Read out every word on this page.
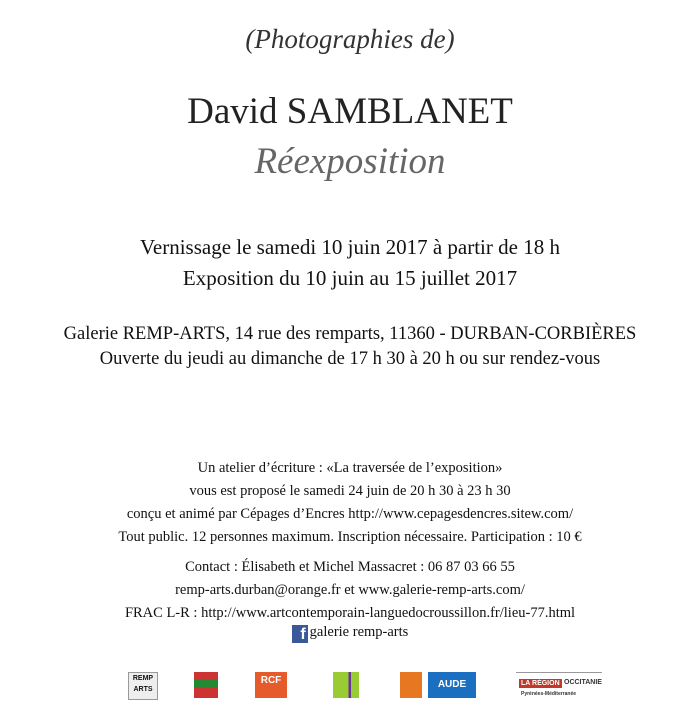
(Photographies de)
David SAMBLANET
Réexposition
Vernissage le samedi 10 juin 2017 à partir de 18 h
Exposition du 10 juin au 15 juillet 2017
Galerie REMP-ARTS, 14 rue des remparts, 11360 - DURBAN-CORBIÈRES
Ouverte du jeudi au dimanche de 17 h 30 à 20 h ou sur rendez-vous
Un atelier d’écriture : «La traversée de l’exposition»
vous est proposé le samedi 24 juin de 20 h 30 à 23 h 30
conçu et animé par Cépages d’Encres http://www.cepagesdencres.sitew.com/
Tout public. 12 personnes maximum. Inscription nécessaire. Participation : 10 €
Contact : Élisabeth et Michel Massacret : 06 87 03 66 55
remp-arts.durban@orange.fr et www.galerie-remp-arts.com/
FRAC L-R : http://www.artcontemporain-languedocroussillon.fr/lieu-77.html
f galerie remp-arts
REMP ARTS
RCF	AUDE	LA RÉGION OCCITANIE
Pyrénées-Méditerranée
